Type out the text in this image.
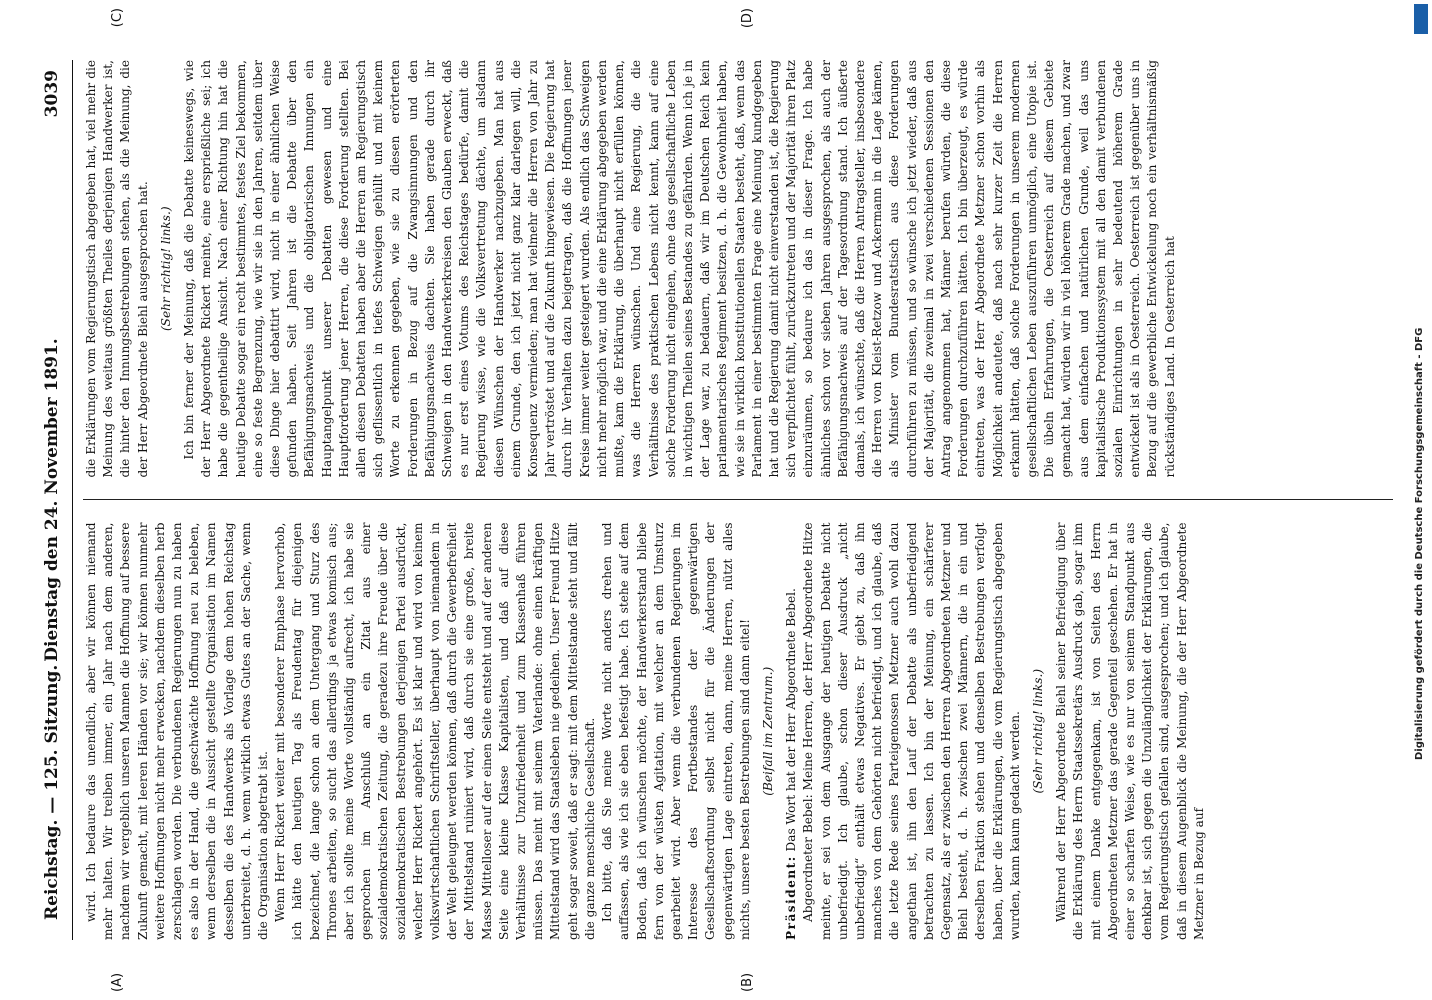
Reichstag. — 125. Sitzung.
Dienstag den 24. November 1891.
3039
(A)	(B)
(C)	(D)

wird. Ich bedaure das unendlich, aber wir können niemand mehr halten. Wir treiben immer, ein Jahr nach dem anderen, nachdem wir vergeblich unseren Mannen die Hoffnung auf bessere Zukunft gemacht, mit leeren Händen vor sie; wir können nunmehr weitere Hoffnungen nicht mehr erwecken, nachdem dieselben herb zerschlagen worden. Die verbundenen Regierungen nun zu haben es also in der Hand, die geschwächte Hoffnung neu zu beleben, wenn derselben die in Aussicht gestellte Organisation im Namen desselben die des Handwerks als Vorlage dem hohen Reichstag unterbreitet, d. h. wenn wirklich etwas Gutes an der Sache, wenn die Organisation abgetrabt ist. Wenn Herr Rickert weiter mit besonderer Emphase hervorhob, ich hätte den heutigen Tag als Freudentag für diejenigen bezeichnet, die lange schon an dem Untergang und Sturz des Thrones arbeiten, so sucht das allerdings ja etwas komisch aus; aber ich sollte meine Worte vollständig aufrecht, ich habe sie gesprochen im Anschluß an ein Zitat aus einer sozialdemokratischen Zeitung, die geradezu ihre Freude über die sozialdemokratischen Bestrebungen derjenigen Partei ausdrückt, welcher Herr Rickert angehört. Es ist klar und wird von keinem volkswirtschaftlichen Schriftsteller, überhaupt von niemandem in der Welt geleugnet werden können, daß durch die Gewerbefreiheit der Mittelstand ruiniert wird, daß durch sie eine große, breite Masse Mittelloser auf der einen Seite entsteht und auf der anderen Seite eine kleine Klasse Kapitalisten, und daß auf diese Verhältnisse zur Unzufriedenheit und zum Klassenhaß führen müssen. Das meint mit seinem Vaterlande: ohne einen kräftigen Mittelstand wird das Staatsleben nie gedeihen. Unser Freund Hitze geht sogar soweit, daß er sagt: mit dem Mittelstande steht und fällt die ganze menschliche Gesellschaft. Ich bitte, daß Sie meine Worte nicht anders drehen und auffassen, als wie ich sie eben befestigt habe. Ich stehe auf dem Boden, daß ich wünschen möchte, der Handwerkerstand bliebe fern von der wüsten Agitation, mit welcher an dem Umsturz gearbeitet wird. Aber wenn die verbundenen Regierungen im Interesse des Fortbestandes der gegenwärtigen Gesellschaftsordnung selbst nicht für die Änderungen der gegenwärtigen Lage eintreten, dann, meine Herren, nützt alles nichts, unsere besten Bestrebungen sind dann eitel! (Beifall im Zentrum.)

Präsident: Das Wort hat der Herr Abgeordnete Bebel. Abgeordneter Bebel: Meine Herren, der Herr Abgeordnete Hitze meinte, er sei von dem Ausgange der heutigen Debatte nicht unbefriedigt. Ich glaube, schon dieser Ausdruck „nicht unbefriedigt“ enthält etwas Negatives. Er giebt zu, daß ihn manches von dem Gehörten nicht befriedigt, und ich glaube, daß die letzte Rede seines Parteigenossen Metzner auch wohl dazu angethan ist, ihn den Lauf der Debatte als unbefriedigend betrachten zu lassen. Ich bin der Meinung, ein schärferer Gegensatz, als er zwischen den Herren Abgeordneten Metzner und Biehl besteht, d. h. zwischen zwei Männern, die in ein und derselben Fraktion stehen und denselben Bestrebungen verfolgt haben, über die Erklärungen, die vom Regierungstisch abgegeben wurden, kann kaum gedacht werden. (Sehr richtig! links.) Während der Herr Abgeordnete Biehl seiner Befriedigung über die Erklärung des Herrn Staatssekretärs Ausdruck gab, sogar ihm mit einem Danke entgegenkam, ist von Seiten des Herrn Abgeordneten Metzner das gerade Gegenteil geschehen. Er hat in einer so scharfen Weise, wie es nur von seinem Standpunkt aus denkbar ist, sich gegen die Unzulänglichkeit der Erklärungen, die vom Regierungstisch gefallen sind, ausgesprochen; und ich glaube, daß in diesem Augenblick die Meinung, die der Herr Abgeordnete Metzner in Bezug auf

die Erklärungen vom Regierungstisch abgegeben hat, viel mehr die Meinung des weitaus größten Theiles derjenigen Handwerker ist, die hinter den Innungsbestrebungen stehen, als die Meinung, die der Herr Abgeordnete Biehl ausgesprochen hat. (Sehr richtig! links.) Ich bin ferner der Meinung, daß die Debatte keineswegs, wie der Herr Abgeordnete Rickert meinte, eine ersprießliche sei; ich habe die gegentheilige Ansicht. Nach einer Richtung hin hat die heutige Debatte sogar ein recht bestimmtes, festes Ziel bekommen, eine so feste Begrenzung, wie wir sie in den Jahren, seitdem über diese Dinge hier debattirt wird, nicht in einer ähnlichen Weise gefunden haben. Seit Jahren ist die Debatte über den Befähigungsnachweis und die obligatorischen Innungen ein Hauptangelpunkt unserer Debatten gewesen und eine Hauptforderung jener Herren, die diese Forderung stellten. Bei allen diesen Debatten haben aber die Herren am Regierungstisch sich geflissentlich in tiefes Schweigen gehüllt und mit keinem Worte zu erkennen gegeben, wie sie zu diesen erörterten Forderungen in Bezug auf die Zwangsinnungen und den Befähigungsnachweis dachten. Sie haben gerade durch ihr Schweigen in den Handwerkerkreisen den Glauben erweckt, daß es nur erst eines Votums des Reichstages bedürfe, damit die Regierung wisse, wie die Volksvertretung dächte, um alsdann diesen Wünschen der Handwerker nachzugeben. Man hat aus einem Grunde, den ich jetzt nicht ganz klar darlegen will, die Konsequenz vermieden; man hat vielmehr die Herren von Jahr zu Jahr vertröstet und auf die Zukunft hingewiesen. Die Regierung hat durch ihr Verhalten dazu beigetragen, daß die Hoffnungen jener Kreise immer weiter gesteigert wurden. Als endlich das Schweigen nicht mehr möglich war, und die eine Erklärung abgegeben werden mußte, kam die Erklärung, die überhaupt nicht erfüllen können, was die Herren wünschen. Und eine Regierung, die die Verhältnisse des praktischen Lebens nicht kennt, kann auf eine solche Forderung nicht eingehen, ohne das gesellschaftliche Leben in wichtigen Theilen seines Bestandes zu gefährden. Wenn ich je in der Lage war, zu bedauern, daß wir im Deutschen Reich kein parlamentarisches Regiment besitzen, d. h. die Gewohnheit haben, wie sie in wirklich konstitutionellen Staaten besteht, daß, wenn das Parlament in einer bestimmten Frage eine Meinung kundgegeben hat und die Regierung damit nicht einverstanden ist, die Regierung sich verpflichtet fühlt, zurückzutreten und der Majorität ihren Platz einzuräumen, so bedaure ich das in dieser Frage. Ich habe ähnliches schon vor sieben Jahren ausgesprochen, als auch der Befähigungsnachweis auf der Tagesordnung stand. Ich äußerte damals, ich wünschte, daß die Herren Antragsteller, insbesondere die Herren von Kleist-Retzow und Ackermann in die Lage kämen, als Minister vom Bundesratstisch aus diese Forderungen durchführen zu müssen, und so wünsche ich jetzt wieder, daß aus der Majorität, die zweimal in zwei verschiedenen Sessionen den Antrag angenommen hat, Männer berufen würden, die diese Forderungen durchzuführen hätten. Ich bin überzeugt, es würde eintreten, was der Herr Abgeordnete Metzner schon vorhin als Möglichkeit andeutete, daß nach sehr kurzer Zeit die Herren erkannt hätten, daß solche Forderungen in unserem modernen gesellschaftlichen Leben auszuführen unmöglich, eine Utopie ist. Die übeln Erfahrungen, die Oesterreich auf diesem Gebiete gemacht hat, würden wir in viel höherem Grade machen, und zwar aus dem einfachen und natürlichen Grunde, weil das uns kapitalistische Produktionssystem mit all den damit verbundenen sozialen Einrichtungen in sehr bedeutend höherem Grade entwickelt ist als in Oesterreich. Oesterreich ist gegenüber uns in Bezug auf die gewerbliche Entwickelung noch ein verhältnismäßig rückständiges Land. In Oesterreich hat	Digitalisierung gefördert durch die Deutsche Forschungsgemeinschaft - DFG
